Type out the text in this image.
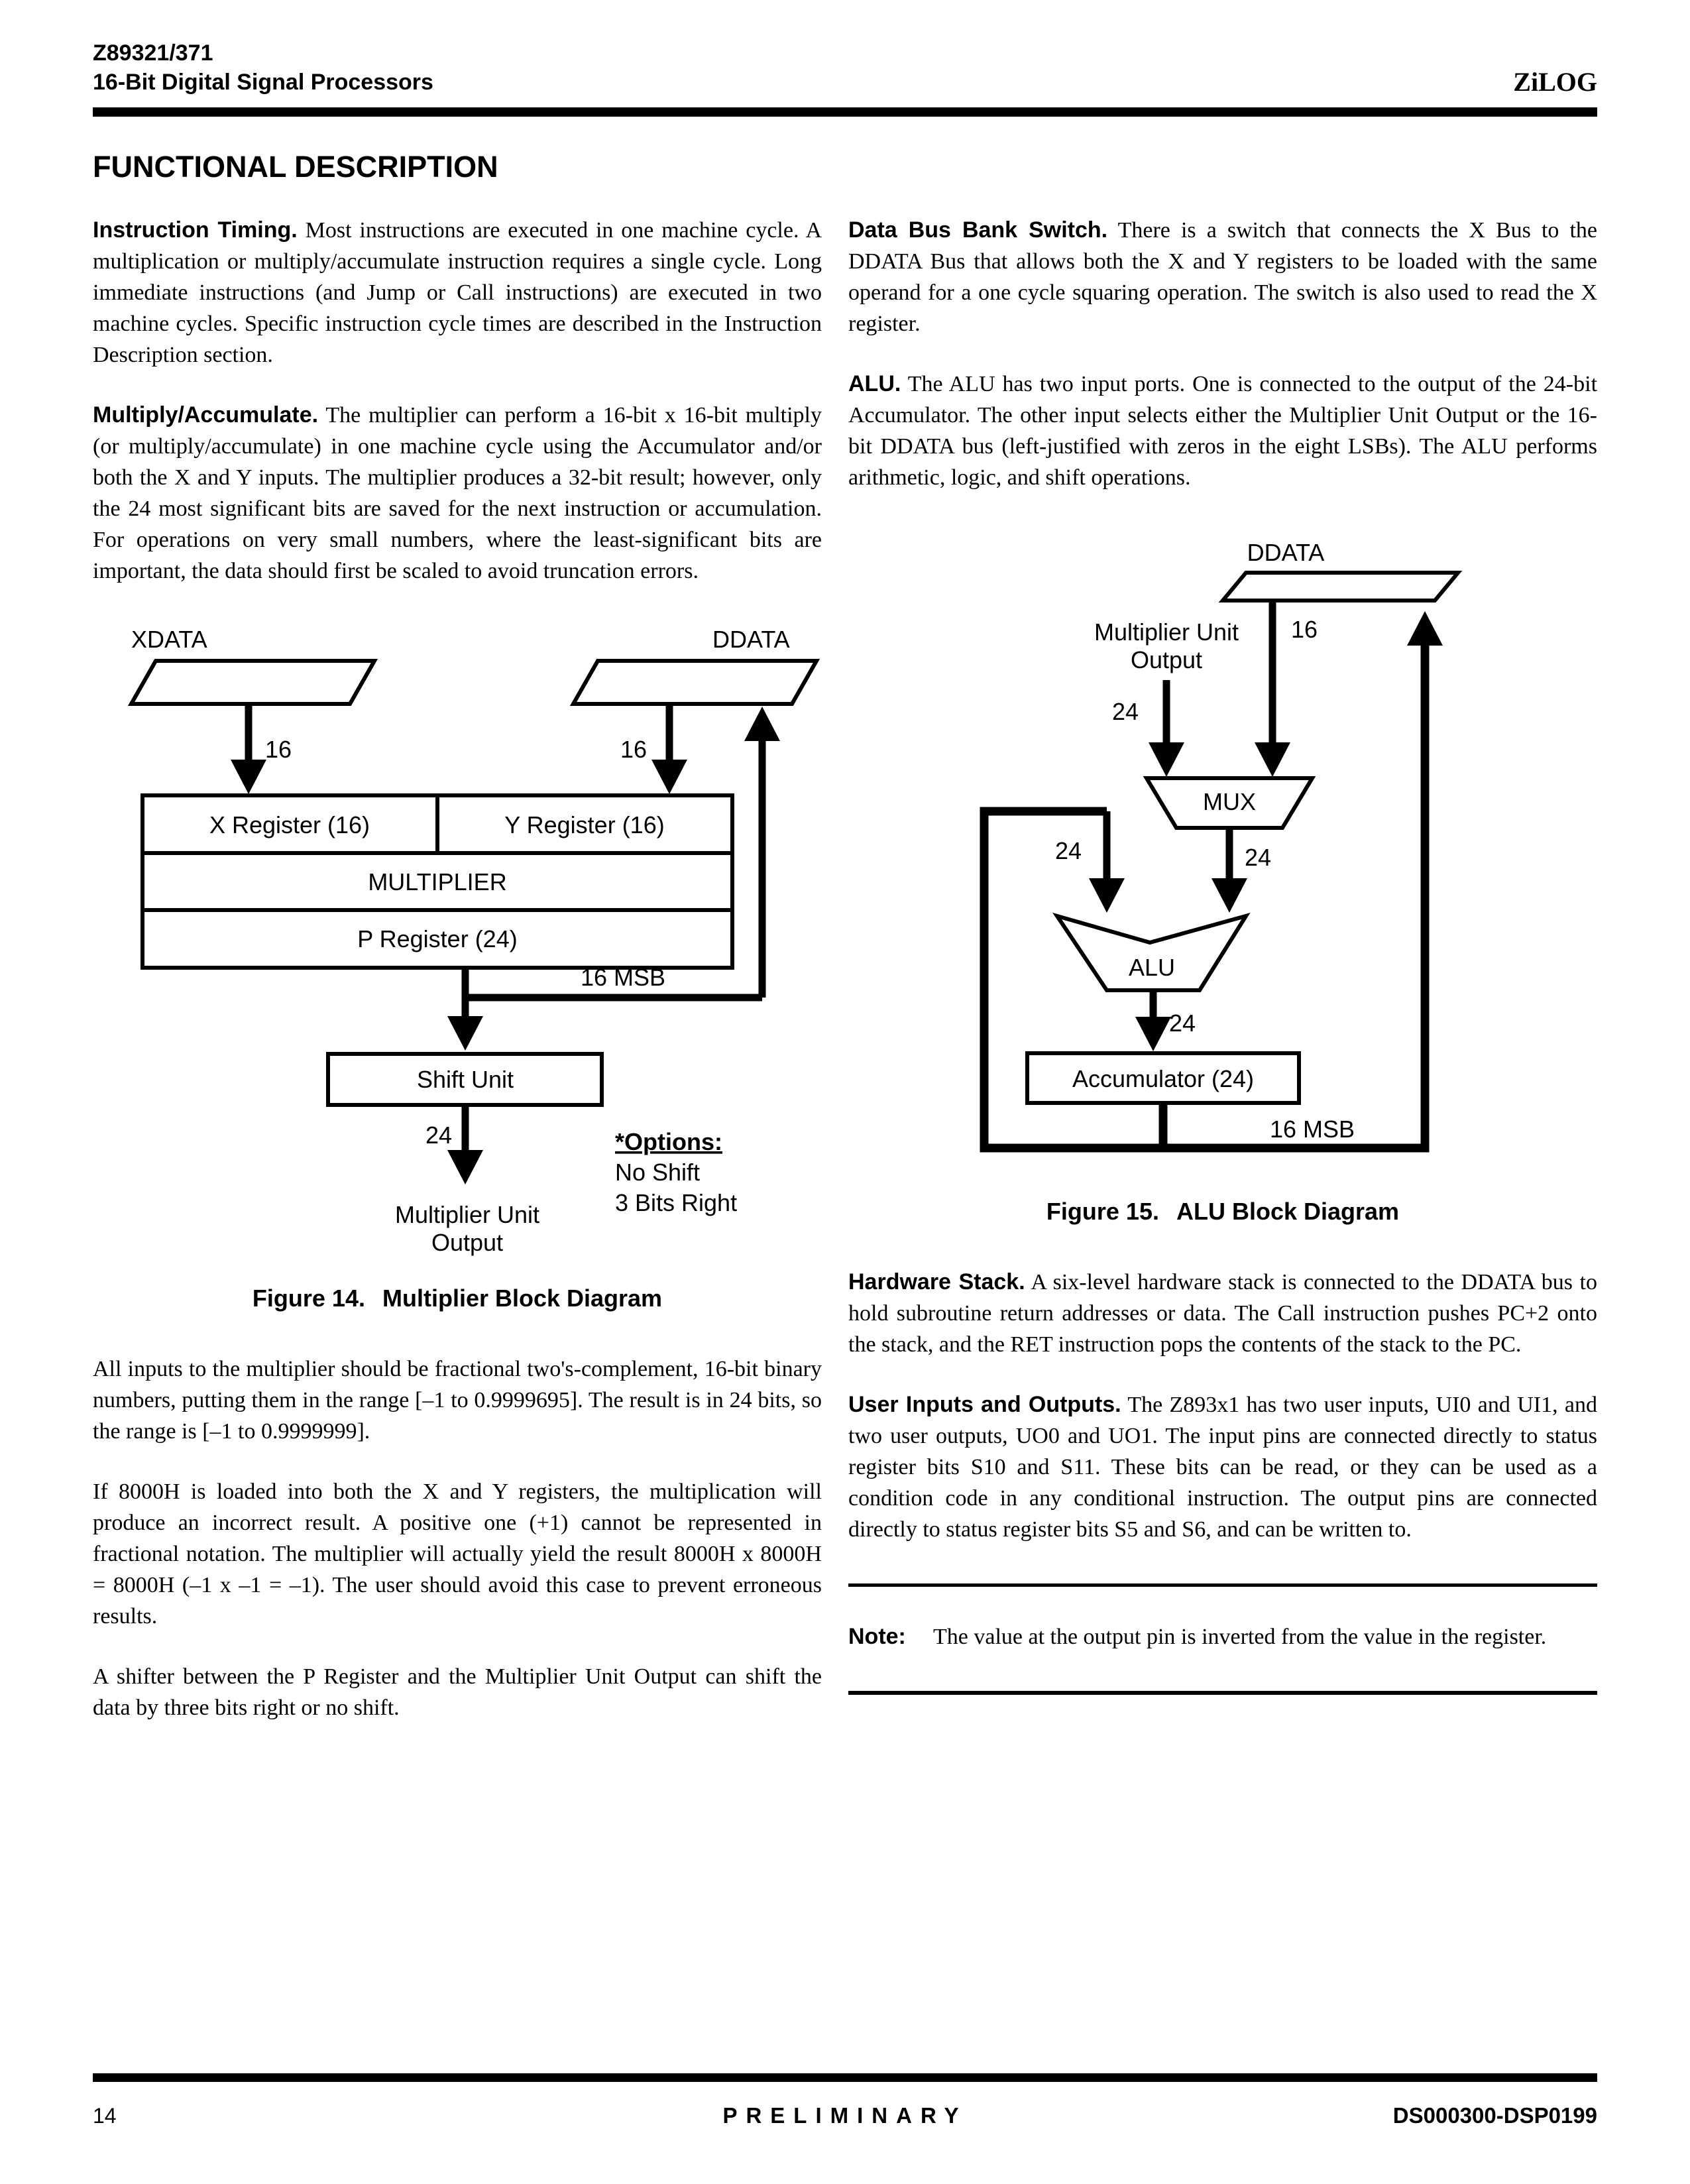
Z89321/371
16-Bit Digital Signal Processors	ZiLOG
FUNCTIONAL DESCRIPTION

Instruction Timing. Most instructions are executed in one machine cycle. A multiplication or multiply/accumulate instruction requires a single cycle. Long immediate instructions (and Jump or Call instructions) are executed in two machine cycles. Specific instruction cycle times are described in the Instruction Description section.

Multiply/Accumulate. The multiplier can perform a 16-bit x 16-bit multiply (or multiply/accumulate) in one machine cycle using the Accumulator and/or both the X and Y inputs. The multiplier produces a 32-bit result; however, only the 24 most significant bits are saved for the next instruction or accumulation. For operations on very small numbers, where the least-significant bits are important, the data should first be scaled to avoid truncation errors.

XDATA	DDATA
16	16
X Register (16)	Y Register (16)
MULTIPLIER
P Register (24)
16 MSB
Shift Unit
24
Multiplier Unit
Output
*Options:
No Shift
3 Bits Right
Figure 14. Multiplier Block Diagram

All inputs to the multiplier should be fractional two's-complement, 16-bit binary numbers, putting them in the range [–1 to 0.9999695]. The result is in 24 bits, so the range is [–1 to 0.9999999].

If 8000H is loaded into both the X and Y registers, the multiplication will produce an incorrect result. A positive one (+1) cannot be represented in fractional notation. The multiplier will actually yield the result 8000H x 8000H = 8000H (–1 x –1 = –1). The user should avoid this case to prevent erroneous results.

A shifter between the P Register and the Multiplier Unit Output can shift the data by three bits right or no shift.

Data Bus Bank Switch. There is a switch that connects the X Bus to the DDATA Bus that allows both the X and Y registers to be loaded with the same operand for a one cycle squaring operation. The switch is also used to read the X register.

ALU. The ALU has two input ports. One is connected to the output of the 24-bit Accumulator. The other input selects either the Multiplier Unit Output or the 16-bit DDATA bus (left-justified with zeros in the eight LSBs). The ALU performs arithmetic, logic, and shift operations.

DDATA
16
Multiplier Unit
Output
24
MUX
24
24
ALU
24
Accumulator (24)
16 MSB
Figure 15. ALU Block Diagram

Hardware Stack. A six-level hardware stack is connected to the DDATA bus to hold subroutine return addresses or data. The Call instruction pushes PC+2 onto the stack, and the RET instruction pops the contents of the stack to the PC.

User Inputs and Outputs. The Z893x1 has two user inputs, UI0 and UI1, and two user outputs, UO0 and UO1. The input pins are connected directly to status register bits S10 and S11. These bits can be read, or they can be used as a condition code in any conditional instruction. The output pins are connected directly to status register bits S5 and S6, and can be written to.

Note:	The value at the output pin is inverted from the value in the register.
14	PRELIMINARY	DS000300-DSP0199
